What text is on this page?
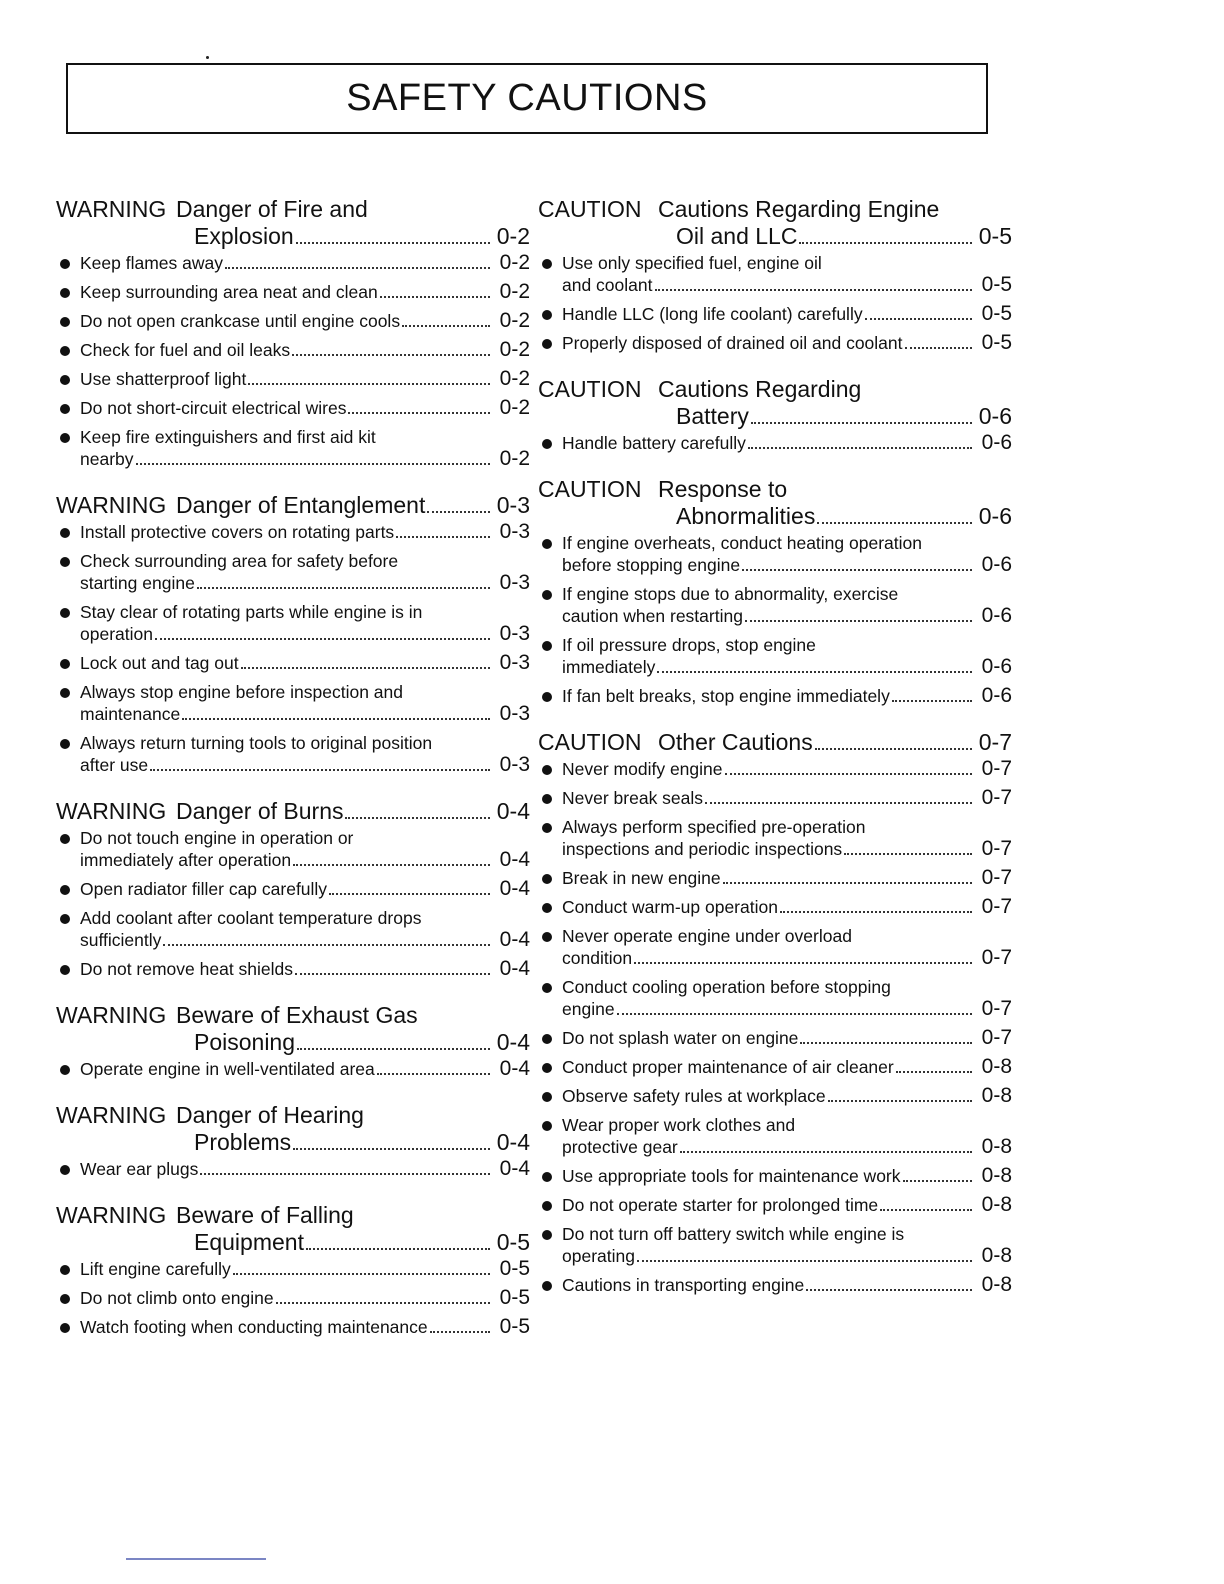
SAFETY CAUTIONS
WARNING Danger of Fire and
Explosion	0-2
Keep flames away	0-2
Keep surrounding area neat and clean	0-2
Do not open crankcase until engine cools	0-2
Check for fuel and oil leaks	0-2
Use shatterproof light	0-2
Do not short-circuit electrical wires	0-2
Keep fire extinguishers and first aid kit
nearby	0-2
WARNING Danger of Entanglement	0-3
Install protective covers on rotating parts	0-3
Check surrounding area for safety before
starting engine	0-3
Stay clear of rotating parts while engine is in
operation	0-3
Lock out and tag out	0-3
Always stop engine before inspection and
maintenance	0-3
Always return turning tools to original position
after use	0-3
WARNING Danger of Burns	0-4
Do not touch engine in operation or
immediately after operation	0-4
Open radiator filler cap carefully	0-4
Add coolant after coolant temperature drops
sufficiently	0-4
Do not remove heat shields	0-4
WARNING Beware of Exhaust Gas
Poisoning	0-4
Operate engine in well-ventilated area	0-4
WARNING Danger of Hearing
Problems	0-4
Wear ear plugs	0-4
WARNING Beware of Falling
Equipment	0-5
Lift engine carefully	0-5
Do not climb onto engine	0-5
Watch footing when conducting maintenance	0-5
CAUTION Cautions Regarding Engine
Oil and LLC	0-5
Use only specified fuel, engine oil
and coolant	0-5
Handle LLC (long life coolant) carefully	0-5
Properly disposed of drained oil and coolant	0-5
CAUTION Cautions Regarding
Battery	0-6
Handle battery carefully	0-6
CAUTION Response to
Abnormalities	0-6
If engine overheats, conduct heating operation
before stopping engine	0-6
If engine stops due to abnormality, exercise
caution when restarting	0-6
If oil pressure drops, stop engine
immediately	0-6
If fan belt breaks, stop engine immediately	0-6
CAUTION Other Cautions	0-7
Never modify engine	0-7
Never break seals	0-7
Always perform specified pre-operation
inspections and periodic inspections	0-7
Break in new engine	0-7
Conduct warm-up operation	0-7
Never operate engine under overload
condition	0-7
Conduct cooling operation before stopping
engine	0-7
Do not splash water on engine	0-7
Conduct proper maintenance of air cleaner	0-8
Observe safety rules at workplace	0-8
Wear proper work clothes and
protective gear	0-8
Use appropriate tools for maintenance work	0-8
Do not operate starter for prolonged time	0-8
Do not turn off battery switch while engine is
operating	0-8
Cautions in transporting engine	0-8
